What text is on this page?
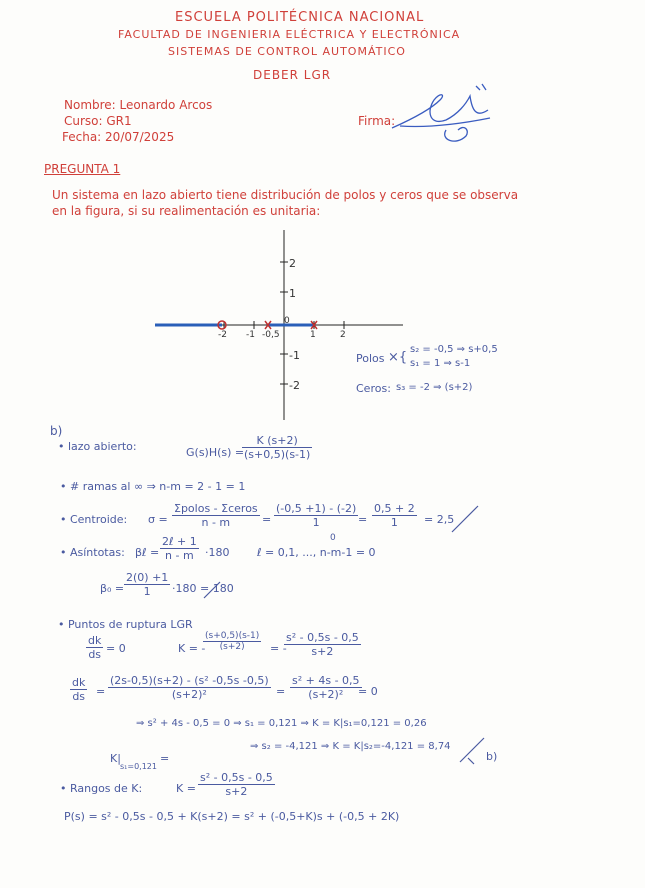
ESCUELA POLITÉCNICA NACIONAL
FACULTAD DE INGENIERIA ELÉCTRICA Y ELECTRÓNICA
SISTEMAS DE CONTROL AUTOMÁTICO
DEBER LGR
Nombre: Leonardo Arcos
Curso: GR1
Fecha: 20/07/2025
Firma:
PREGUNTA 1
Un sistema en lazo abierto tiene distribución de polos y ceros que se observa
en la figura, si su realimentación es unitaria:
2
1
-1
-2
-2 -1 -0,5
0
1	2
Polos ×{
s₂ = -0,5 ⇒ s+0,5
s₁ = 1 ⇒ s-1
Ceros: s₃ = -2 ⇒ (s+2)
b)
• lazo abierto:	G(s)H(s) =
$\frac{K (s+2)}{(s+0,5)(s-1)}$
• # ramas al ∞ ⇒ n-m = 2 - 1 = 1
• Centroide: σ =
Σpolos - Σceros
n - m	= $\frac{(-0,5 +1) - (-2)}{1} = \frac{0,5 + 2}{1} = 2,5$
• Asíntotas: βℓ =
2ℓ + 1
n - m	·180	ℓ = 0,1, ..., n-m-1 = 0
0
$\beta_0 = \frac{2(0) +1}{1} \cdot 180 = 180$
• Puntos de ruptura LGR
$\frac{dk}{ds} = 0$	K = -
$\frac{(s+0,5)(s-1)}{(s+2)}$ = -
$\frac{\text{s² - 0,5s - 0,5}}{s+2}$
$\frac{dk}{ds} = \frac{\text{(2s-0,5)(s+2) - (s² -0,5s -0,5)}}{\text{(s+2)²}} = \frac{\text{s² + 4s - 0,5}}{\text{(s+2)²}}$
= 0
⇒ s² + 4s - 0,5 = 0 ⇒ s₁ = 0,121 ⇒ K = K|s₁=0,121 = 0,26
⇒ s₂ = -4,121 ⇒ K = K|s₂=-4,121 = 8,74
K|
s₁=0,121
=	b)
• Rangos de K:	$K = \frac{\text{s² - 0,5s - 0,5}}{s+2}$
P(s) = s² - 0,5s - 0,5 + K(s+2) = s² + (-0,5+K)s + (-0,5 + 2K)
